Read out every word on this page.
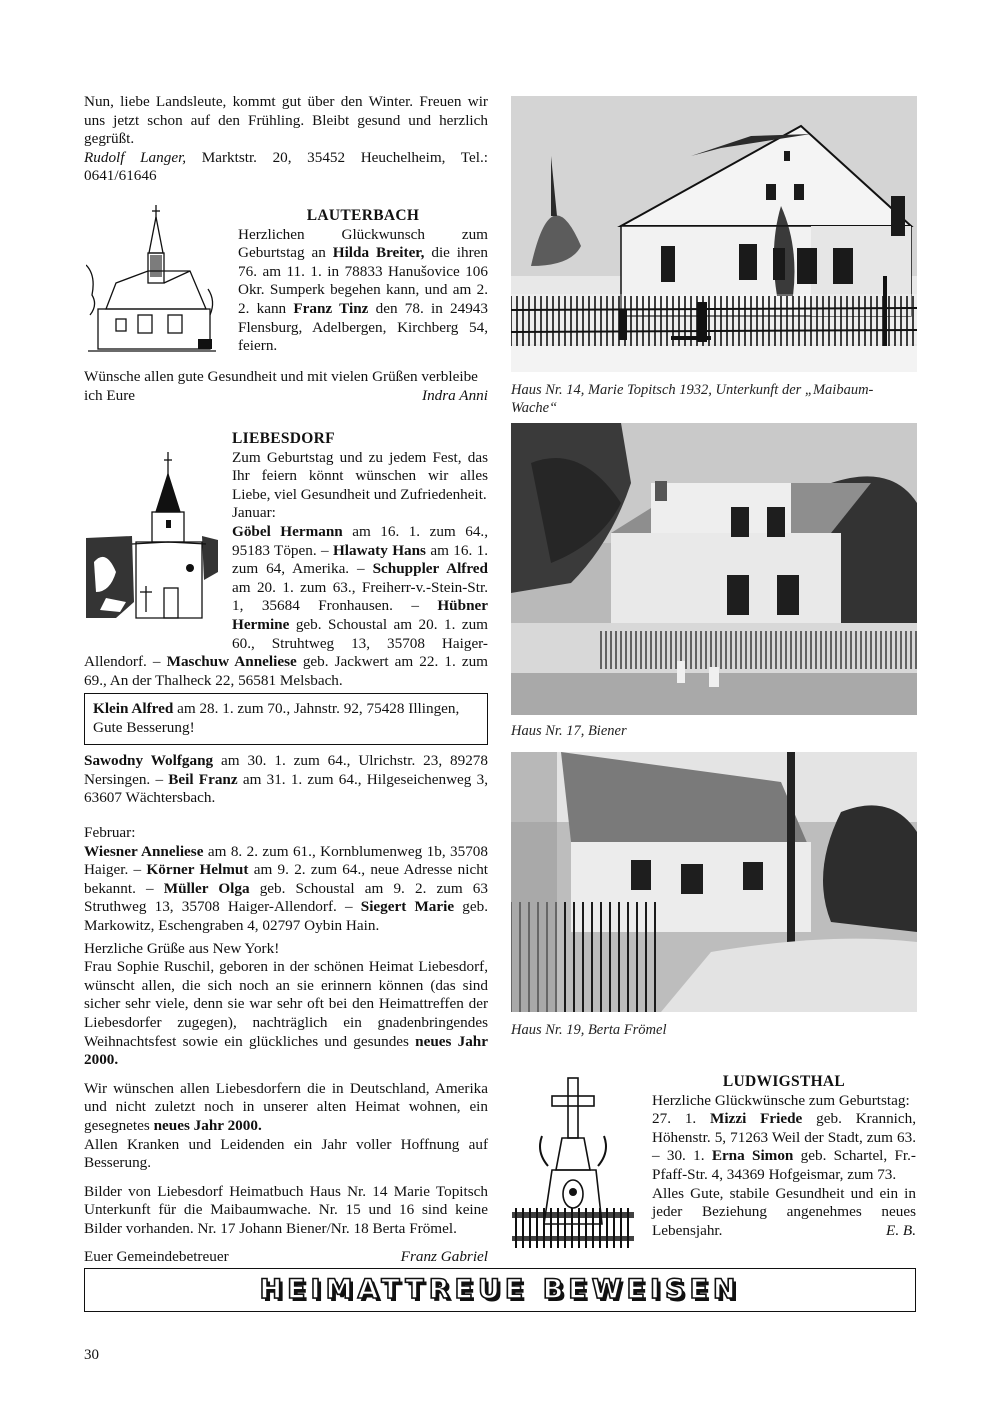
Nun, liebe Landsleute, kommt gut über den Winter. Freuen wir uns jetzt schon auf den Frühling. Bleibt gesund und herzlich gegrüßt.

Rudolf Langer, Marktstr. 20, 35452 Heuchelheim, Tel.: 0641/61646

LAUTERBACH

Herzlichen Glückwunsch zum Geburtstag an Hilda Breiter, die ihren 76. am 11. 1. in 78833 Hanušovice 106 Okr. Sumperk begehen kann, und am 2. 2. kann Franz Tinz den 78. in 24943 Flensburg, Adelbergen, Kirchberg 54, feiern.

Wünsche allen gute Gesundheit und mit vielen Grüßen verbleibe

ich Eure	Indra Anni

LIEBESDORF

Zum Geburtstag und zu jedem Fest, das Ihr feiern könnt wünschen wir alles Liebe, viel Gesundheit und Zufriedenheit.

Januar:

Göbel Hermann am 16. 1. zum 64., 95183 Töpen. – Hlawaty Hans am 16. 1. zum 64, Amerika. – Schuppler Alfred am 20. 1. zum 63., Freiherr-v.-Stein-Str. 1, 35684 Fronhausen. – Hübner Hermine geb. Schoustal am 20. 1. zum 60., Struhtweg 13, 35708 Haiger-Allendorf. – Maschuw Anneliese geb. Jackwert am 22. 1. zum 69., An der Thalheck 22, 56581 Melsbach.

Klein Alfred am 28. 1. zum 70., Jahnstr. 92, 75428 Illingen, Gute Besserung!

Sawodny Wolfgang am 30. 1. zum 64., Ulrichstr. 23, 89278 Nersingen. – Beil Franz am 31. 1. zum 64., Hilgeseichenweg 3, 63607 Wächtersbach.

Februar:

Wiesner Anneliese am 8. 2. zum 61., Kornblumenweg 1b, 35708 Haiger. – Körner Helmut am 9. 2. zum 64., neue Adresse nicht bekannt. – Müller Olga geb. Schoustal am 9. 2. zum 63 Struthweg 13, 35708 Haiger-Allendorf. – Siegert Marie geb. Markowitz, Eschengraben 4, 02797 Oybin Hain.

Herzliche Grüße aus New York!

Frau Sophie Ruschil, geboren in der schönen Heimat Liebesdorf, wünscht allen, die sich noch an sie erinnern können (das sind sicher sehr viele, denn sie war sehr oft bei den Heimattreffen der Liebesdorfer zugegen), nachträglich ein gnadenbringendes Weihnachtsfest sowie ein glückliches und gesundes neues Jahr 2000.

Wir wünschen allen Liebesdorfern die in Deutschland, Amerika und nicht zuletzt noch in unserer alten Heimat wohnen, ein gesegnetes neues Jahr 2000.

Allen Kranken und Leidenden ein Jahr voller Hoffnung auf Besserung.

Bilder von Liebesdorf Heimatbuch Haus Nr. 14 Marie Topitsch Unterkunft für die Maibaumwache. Nr. 15 und 16 sind keine Bilder vorhanden. Nr. 17 Johann Biener/Nr. 18 Berta Frömel.

Euer Gemeindebetreuer	Franz Gabriel
Haus Nr. 14, Marie Topitsch 1932, Unterkunft der „Maibaum-Wache“
Haus Nr. 17, Biener
Haus Nr. 19, Berta Frömel

LUDWIGSTHAL

Herzliche Glückwünsche zum Geburtstag:

27. 1. Mizzi Friede geb. Krannich, Höhenstr. 5, 71263 Weil der Stadt, zum 63. – 30. 1. Erna Simon geb. Schartel, Fr.-Pfaff-Str. 4, 34369 Hofgeismar, zum 73.

Alles Gute, stabile Gesundheit und ein in jeder Beziehung angenehmes neues Lebensjahr.	E. B.

HEIMATTREUE BEWEISEN
30
